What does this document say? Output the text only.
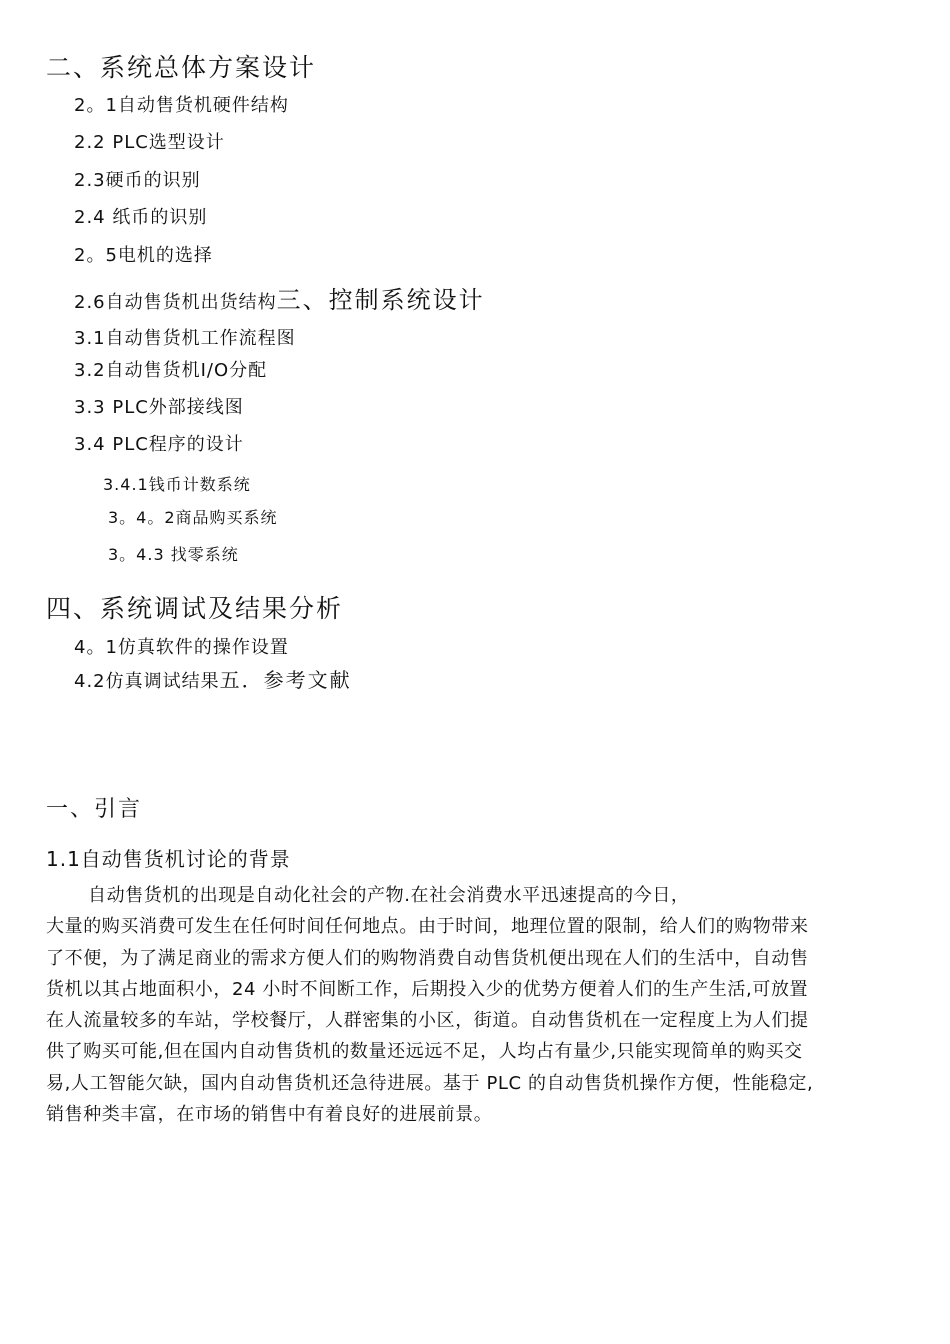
二、系统总体方案设计
2。1自动售货机硬件结构
2.2 PLC选型设计
2.3硬币的识别
2.4 纸币的识别
2。5电机的选择
2.6自动售货机出货结构三、控制系统设计
3.1自动售货机工作流程图
3.2自动售货机I/O分配
3.3 PLC外部接线图
3.4 PLC程序的设计
3.4.1钱币计数系统
3。4。2商品购买系统
3。4.3 找零系统
四、系统调试及结果分析
4。1仿真软件的操作设置
4.2仿真调试结果五．参考文献
一、引言
1.1自动售货机讨论的背景

自动售货机的出现是自动化社会的产物.在社会消费水平迅速提高的今日，

大量的购买消费可发生在任何时间任何地点。由于时间，地理位置的限制，给人们的购物带来

了不便，为了满足商业的需求方便人们的购物消费自动售货机便出现在人们的生活中，自动售

货机以其占地面积小，24 小时不间断工作，后期投入少的优势方便着人们的生产生活,可放置

在人流量较多的车站，学校餐厅，人群密集的小区，街道。自动售货机在一定程度上为人们提

供了购买可能,但在国内自动售货机的数量还远远不足，人均占有量少,只能实现简单的购买交

易,人工智能欠缺，国内自动售货机还急待进展。基于 PLC 的自动售货机操作方便，性能稳定,

销售种类丰富，在市场的销售中有着良好的进展前景。
